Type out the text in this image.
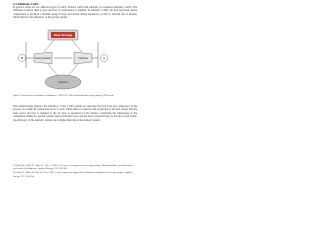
2.2 Adiabatic CAES
In practice, there are two different types of CAES: diabatic CAES and adiabatic (or advanced adiabatic) CAES. The difference between them is how the heat of compression is handled. In adiabatic CAES, the heat generated during compression is stored in a thermal energy storage and reused during expansion, so that no external fuel is needed, which improves the efficiency of the storage system.
Heat Storage
Compressor	Turbine
M	G
Cavern
Figure 2 Process flow schematic of adiabatic CAES (A-CAES) with a thermal energy storage (TES) unit.
This method helps improve the efficiency of the CAES system by removing the heat from the compressor in the process of cooling the compressed air in a cooler. When there is a need for the production of the heat energy that has been stored, the heat is returned to the air prior to expansion in the turbine. Controlling the temperature in the combustion chamber is needed, which reduces both heat losses and the need of external fuel, so that the overall round-trip efficiency of the adiabatic system can be higher than that of the diabatic system.
[1] Budt, M., Wolf, D., Span, R., Yan, J. (2016). A review on compressed air energy storage: Basic principles, past milestones and recent developments. Applied Energy, 170, 250-268.
[2] Wolf, D., Budt, M. (2014). LTA-CAES: A low-temperature approach to adiabatic compressed air energy storage. Applied Energy, 125, 158-164.
